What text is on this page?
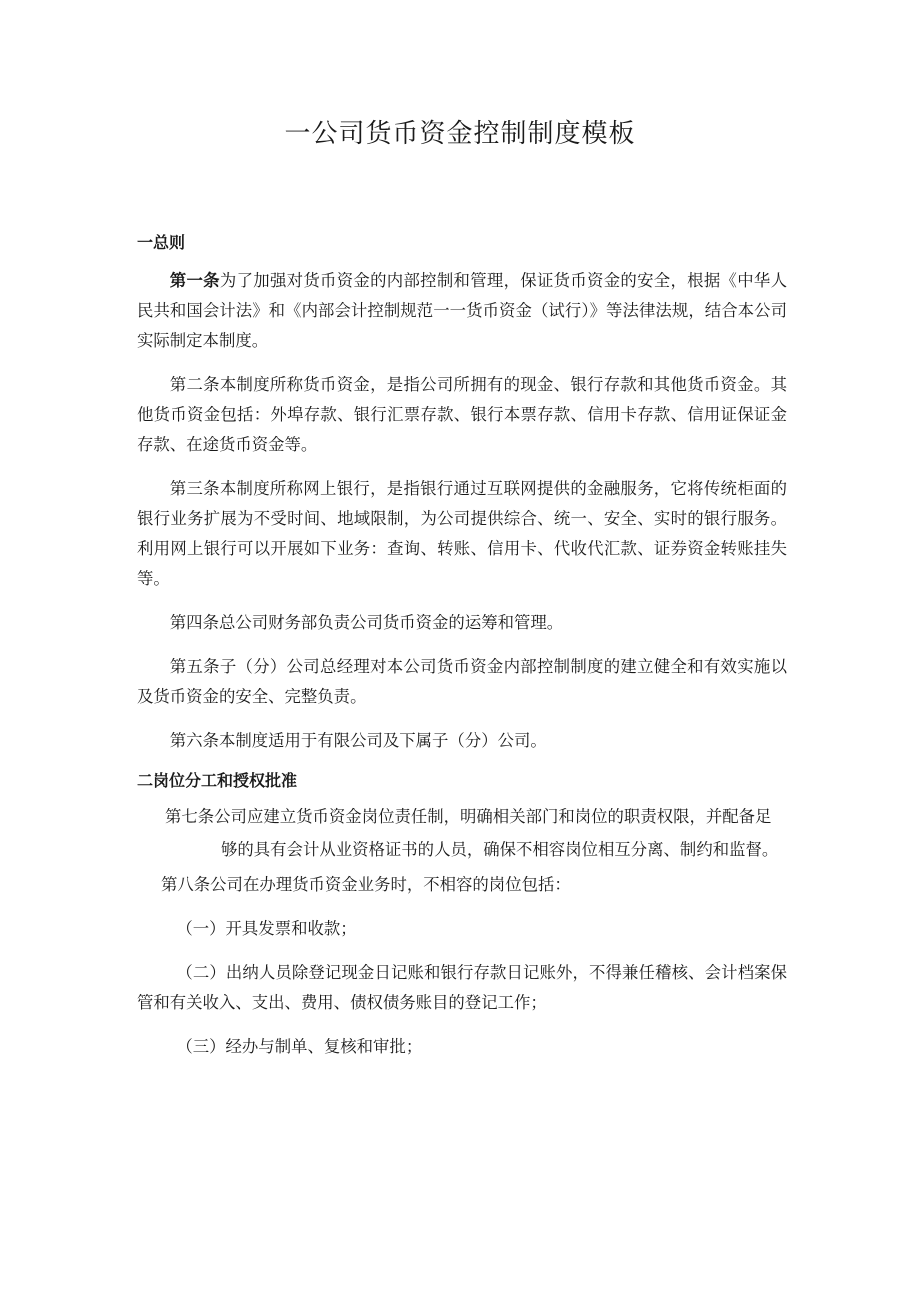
一公司货币资金控制制度模板
一总则

第一条为了加强对货币资金的内部控制和管理，保证货币资金的安全，根据《中华人民共和国会计法》和《内部会计控制规范一一货币资金（试行）》等法律法规，结合本公司实际制定本制度。

第二条本制度所称货币资金，是指公司所拥有的现金、银行存款和其他货币资金。其他货币资金包括：外埠存款、银行汇票存款、银行本票存款、信用卡存款、信用证保证金存款、在途货币资金等。

第三条本制度所称网上银行，是指银行通过互联网提供的金融服务，它将传统柜面的银行业务扩展为不受时间、地域限制，为公司提供综合、统一、安全、实时的银行服务。利用网上银行可以开展如下业务：查询、转账、信用卡、代收代汇款、证券资金转账挂失等。

第四条总公司财务部负责公司货币资金的运筹和管理。

第五条子（分）公司总经理对本公司货币资金内部控制制度的建立健全和有效实施以及货币资金的安全、完整负责。

第六条本制度适用于有限公司及下属子（分）公司。

二岗位分工和授权批准

第七条公司应建立货币资金岗位责任制，明确相关部门和岗位的职责权限，并配备足够的具有会计从业资格证书的人员，确保不相容岗位相互分离、制约和监督。

第八条公司在办理货币资金业务时，不相容的岗位包括：

（一）开具发票和收款；

（二）出纳人员除登记现金日记账和银行存款日记账外，不得兼任稽核、会计档案保管和有关收入、支出、费用、债权债务账目的登记工作；

（三）经办与制单、复核和审批；
